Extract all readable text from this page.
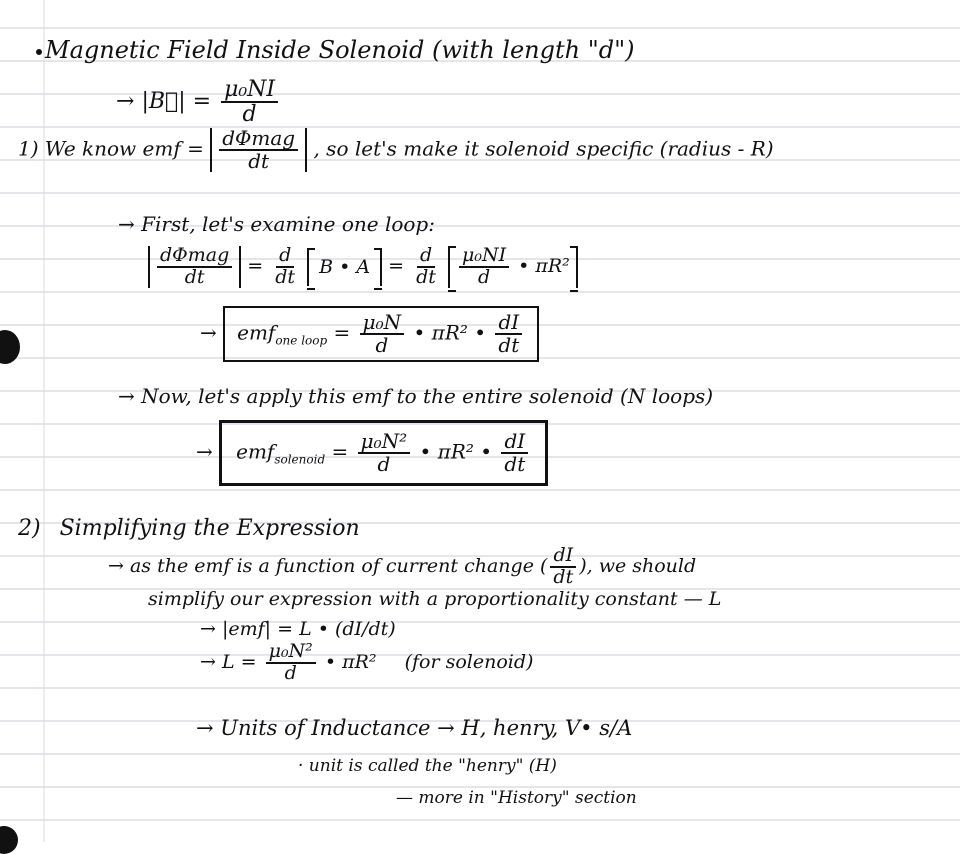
Magnetic Field Inside Solenoid (with length "d")
→ |B⃗| = $\frac{\text{μ₀NI}}{d}$
1) We know emf = $\frac{\text{dΦmag}}{dt}$ , so let's make it solenoid specific (radius - R)
→ First, let's examine one loop:
$\frac{\text{dΦmag}}{dt} = \frac{d}{dt}$ B • $A = \frac{d}{dt}$
$\frac{\text{μ₀NI}}{d}$ • πR²
→ $emf_{one loop} = \frac{\text{μ₀N}}{d}$ • πR² • $\frac{dI}{dt}$
→ Now, let's apply this emf to the entire solenoid (N loops)
→ $emf_{solenoid} = \frac{\text{μ₀N²}}{d}$ • πR² • $\frac{dI}{dt}$
2) Simplifying the Expression
→ as the emf is a function of current change ( $\frac{dI}{dt}$ ), we should
simplify our expression with a proportionality constant — L
→ |emf| = L • (dI/dt)
→ $L = \frac{\text{μ₀N²}}{d}$ • πR² (for solenoid)
→ Units of Inductance → H, henry, V• s/A
· unit is called the "henry" (H)
— more in "History" section
